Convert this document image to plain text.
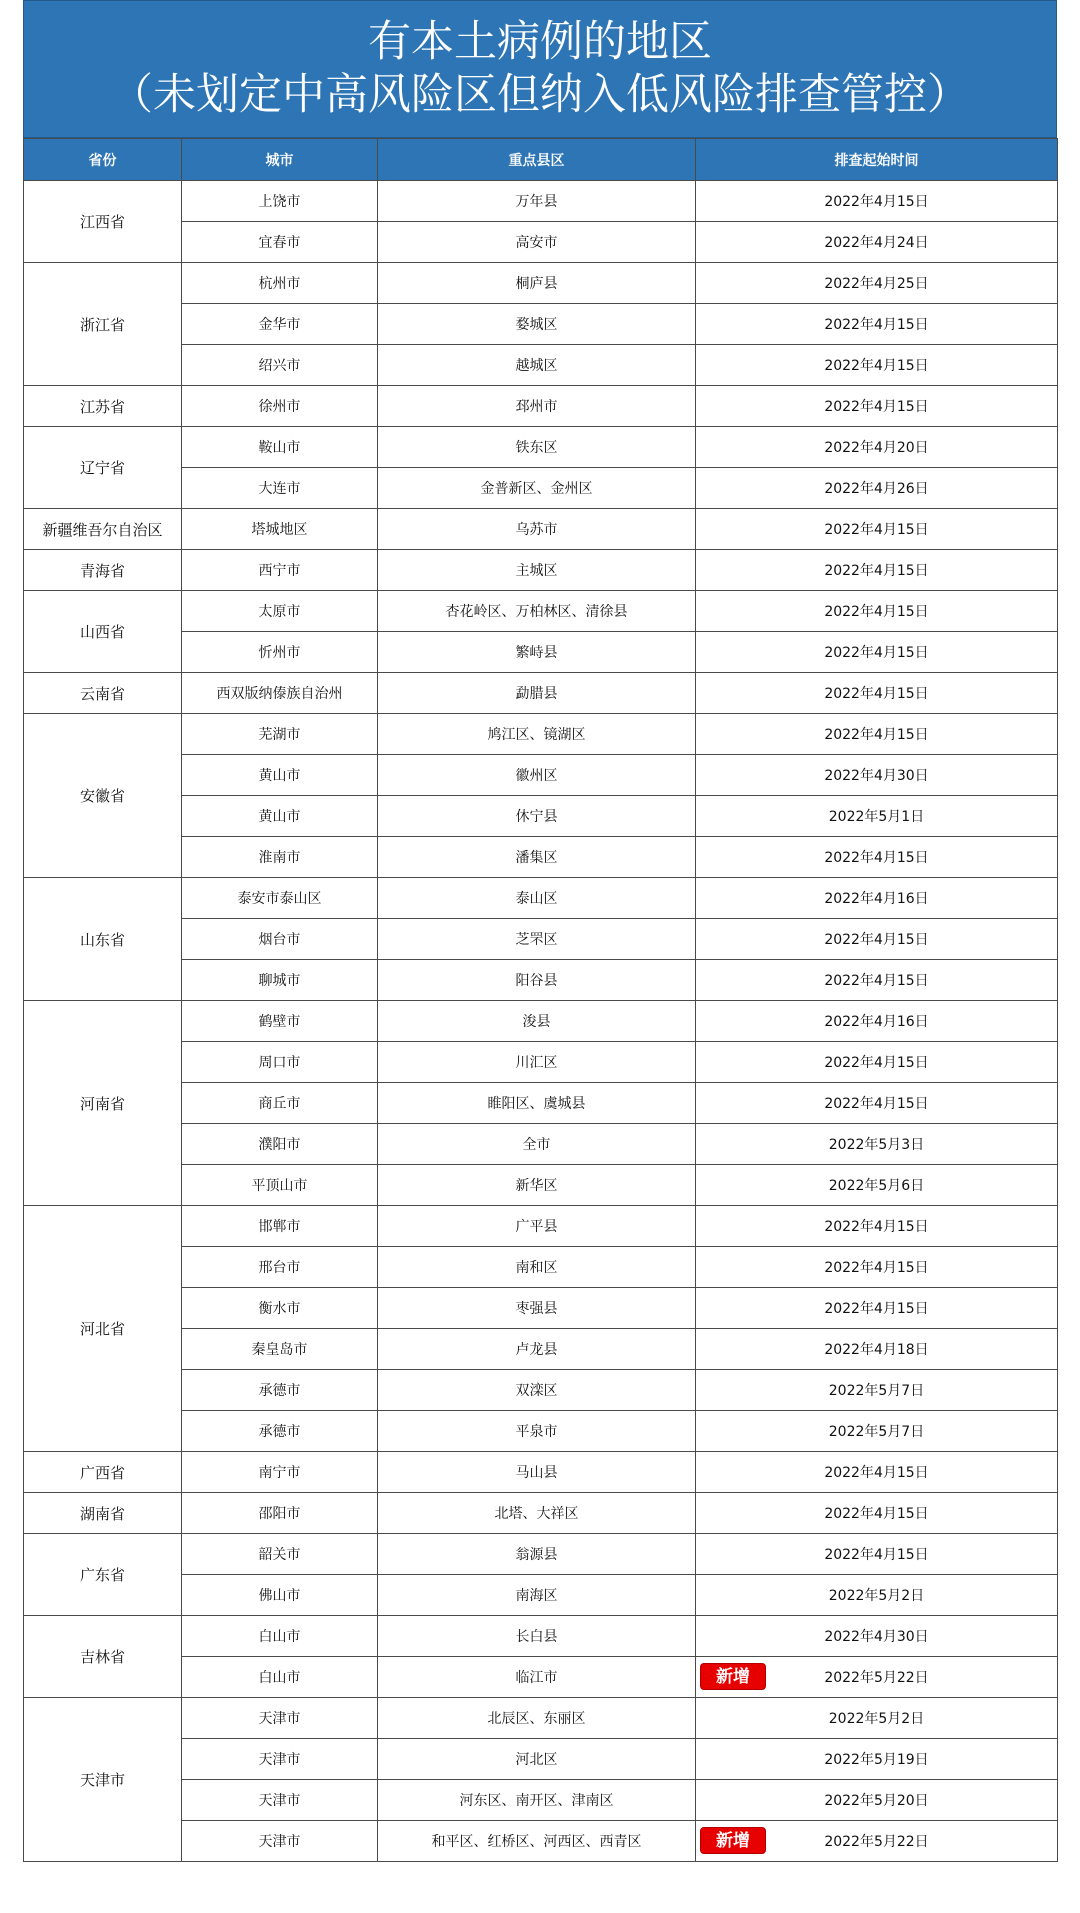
有本土病例的地区
（未划定中高风险区但纳入低风险排查管控）
省份	城市	重点县区	排查起始时间
江西省	上饶市	万年县	2022年4月15日
	宜春市	高安市	2022年4月24日
浙江省	杭州市	桐庐县	2022年4月25日
	金华市	婺城区	2022年4月15日
	绍兴市	越城区	2022年4月15日
江苏省	徐州市	邳州市	2022年4月15日
辽宁省	鞍山市	铁东区	2022年4月20日
	大连市	金普新区、金州区	2022年4月26日
新疆维吾尔自治区	塔城地区	乌苏市	2022年4月15日
青海省	西宁市	主城区	2022年4月15日
山西省	太原市	杏花岭区、万柏林区、清徐县	2022年4月15日
	忻州市	繁峙县	2022年4月15日
云南省	西双版纳傣族自治州	勐腊县	2022年4月15日
安徽省	芜湖市	鸠江区、镜湖区	2022年4月15日
	黄山市	徽州区	2022年4月30日
	黄山市	休宁县	2022年5月1日
	淮南市	潘集区	2022年4月15日
山东省	泰安市泰山区	泰山区	2022年4月16日
	烟台市	芝罘区	2022年4月15日
	聊城市	阳谷县	2022年4月15日
河南省	鹤壁市	浚县	2022年4月16日
	周口市	川汇区	2022年4月15日
	商丘市	睢阳区、虞城县	2022年4月15日
	濮阳市	全市	2022年5月3日
	平顶山市	新华区	2022年5月6日
河北省	邯郸市	广平县	2022年4月15日
	邢台市	南和区	2022年4月15日
	衡水市	枣强县	2022年4月15日
	秦皇岛市	卢龙县	2022年4月18日
	承德市	双滦区	2022年5月7日
	承德市	平泉市	2022年5月7日
广西省	南宁市	马山县	2022年4月15日
湖南省	邵阳市	北塔、大祥区	2022年4月15日
广东省	韶关市	翁源县	2022年4月15日
	佛山市	南海区	2022年5月2日
吉林省	白山市	长白县	2022年4月30日
	白山市	临江市	新增 2022年5月22日
天津市	天津市	北辰区、东丽区	2022年5月2日
	天津市	河北区	2022年5月19日
	天津市	河东区、南开区、津南区	2022年5月20日
	天津市	和平区、红桥区、河西区、西青区	新增 2022年5月22日
